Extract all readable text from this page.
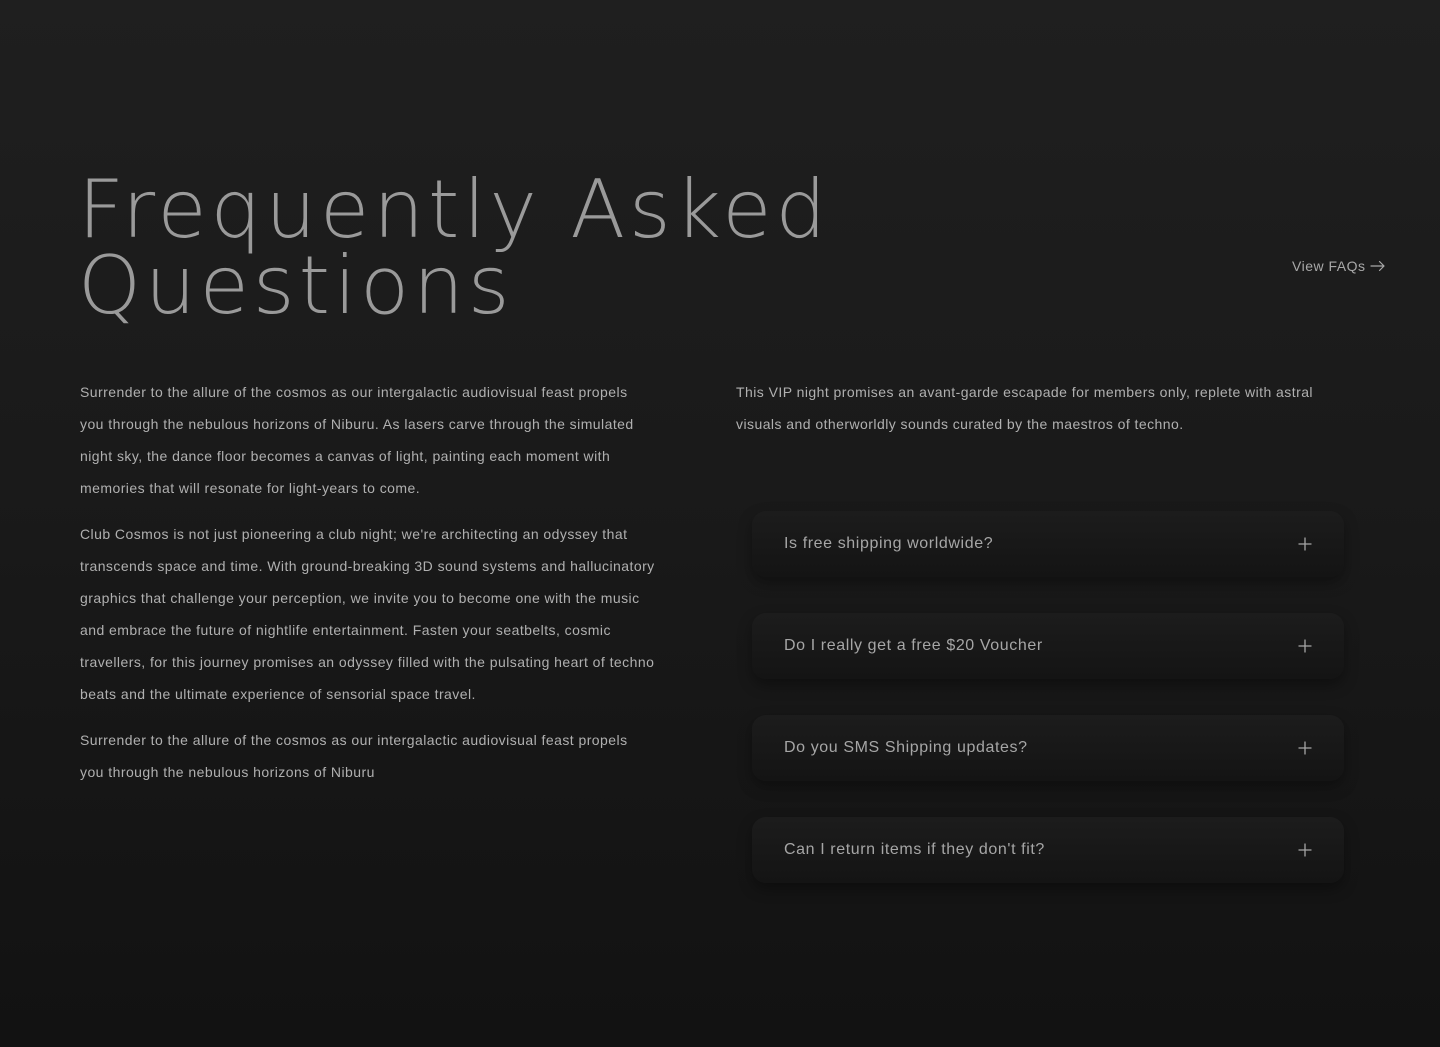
Frequently Asked
Questions	View FAQs

Surrender to the allure of the cosmos as our intergalactic audiovisual feast propels you through the nebulous horizons of Niburu. As lasers carve through the simulated night sky, the dance floor becomes a canvas of light, painting each moment with memories that will resonate for light-years to come.

Club Cosmos is not just pioneering a club night; we're architecting an odyssey that transcends space and time. With ground-breaking 3D sound systems and hallucinatory graphics that challenge your perception, we invite you to become one with the music and embrace the future of nightlife entertainment. Fasten your seatbelts, cosmic travellers, for this journey promises an odyssey filled with the pulsating heart of techno beats and the ultimate experience of sensorial space travel.

Surrender to the allure of the cosmos as our intergalactic audiovisual feast propels you through the nebulous horizons of Niburu

This VIP night promises an avant-garde escapade for members only, replete with astral visuals and otherworldly sounds curated by the maestros of techno.

Is free shipping worldwide?
Do I really get a free $20 Voucher
Do you SMS Shipping updates?
Can I return items if they don't fit?
